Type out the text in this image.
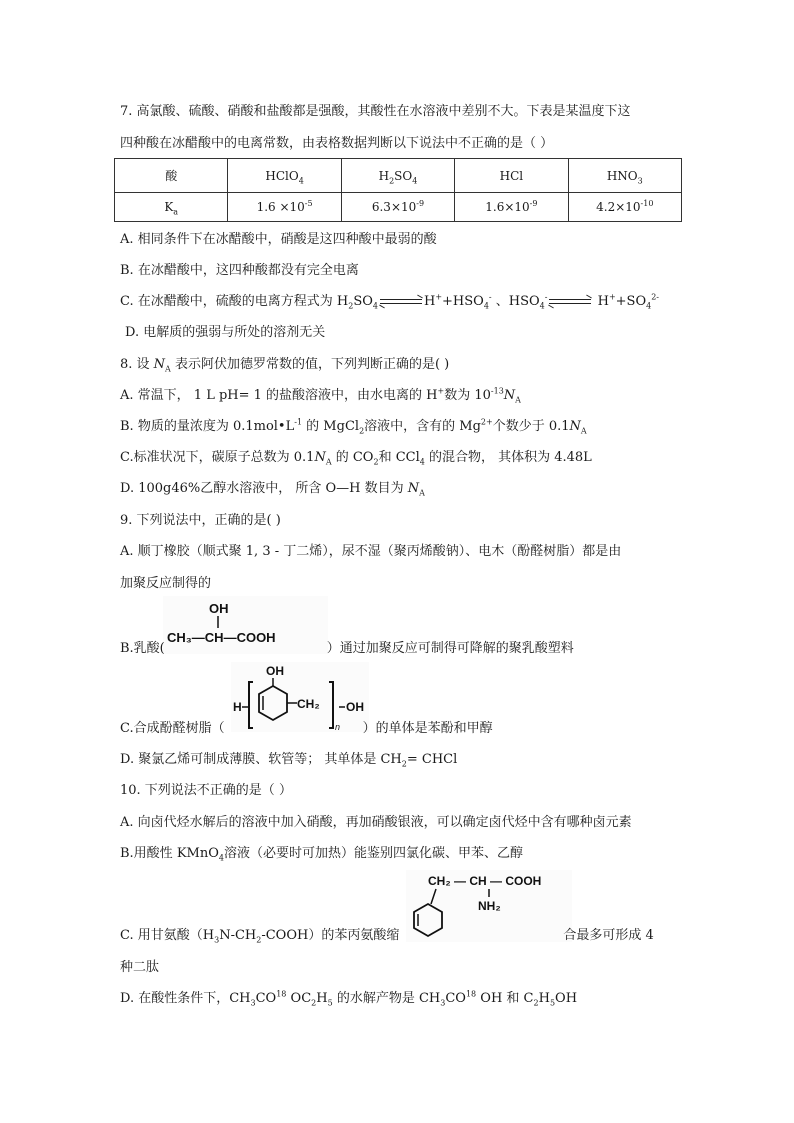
7. 高氯酸、硫酸、硝酸和盐酸都是强酸，其酸性在水溶液中差别不大。下表是某温度下这
四种酸在冰醋酸中的电离常数，由表格数据判断以下说法中不正确的是（ ）
酸	HClO$_4$	$H_2SO_4$	HCl	$HNO_3$
$K_a$	$1.6 \times 10^{-5}$	$6.3\times 10^{-9}$	$1.6\times 10^{-9}$	$4.2\times 10^{-10}$
A. 相同条件下在冰醋酸中，硝酸是这四种酸中最弱的酸
B. 在冰醋酸中，这四种酸都没有完全电离
C. 在冰醋酸中，硫酸的电离方程式为 $H_2SO_4$	$H^++HSO_4^-$ 、$HSO_4^-$	$H^++SO_4^{2-}$
D. 电解质的强弱与所处的溶剂无关
8. 设 $N_A$ 表示阿伏加德罗常数的值，下列判断正确的是( )
A. 常温下， 1 L pH= 1 的盐酸溶液中，由水电离的 H+数为 $10^{-13}N_A$
B. 物质的量浓度为 $0.1mol•L^{-1}$ 的 MgCl$_2$溶液中，含有的 $Mg^{2+}$个数少于 $0.1N_A$
C.标准状况下，碳原子总数为 $0.1N_A$ 的 $CO_2$和 CCl$_4$ 的混合物， 其体积为 4.48L
D. 100g46%乙醇水溶液中， 所含 O—H 数目为 $N_A$
9. 下列说法中，正确的是( )
A. 顺丁橡胶（顺式聚 1, 3 - 丁二烯），尿不湿（聚丙烯酸钠）、电木（酚醛树脂）都是由
加聚反应制得的
OH
CH₃—CH—COOH
B.乳酸(	）通过加聚反应可制得可降解的聚乳酸塑料
OH
H	CH₂
n
OH
C.合成酚醛树脂（	）的单体是苯酚和甲醇
D. 聚氯乙烯可制成薄膜、软管等； 其单体是 $CH_2=$ CHCl
10. 下列说法不正确的是（ ）
A. 向卤代烃水解后的溶液中加入硝酸，再加硝酸银液，可以确定卤代烃中含有哪种卤元素
B.用酸性 KMnO$_4$溶液（必要时可加热）能鉴别四氯化碳、甲苯、乙醇
CH₂ — CH — COOH
NH₂
C. 用甘氨酸$(H_3N-CH_2-COOH)$的苯丙氨酸缩	合最多可形成 4
种二肽
D. 在酸性条件下，$CH_3CO^{18}$ $OC_2H_5$ 的水解产物是 $CH_3CO^{18}$ OH 和 $C_2H_5OH$
